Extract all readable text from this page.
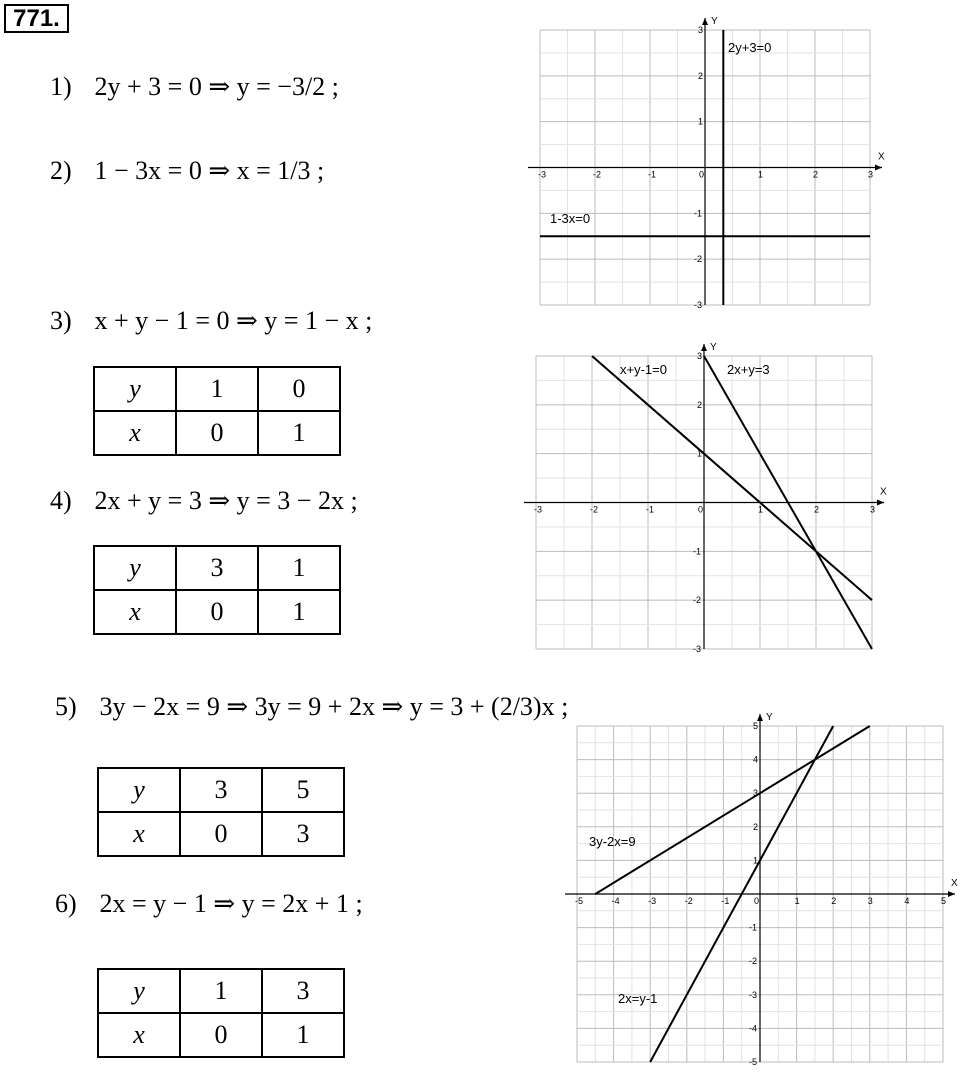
771.
1) 2y + 3 = 0 ⇒ y = −3/2 ;
2) 1 − 3x = 0 ⇒ x = 1/3 ;
3) x + y − 1 = 0 ⇒ y = 1 − x ;
y	1	0
x	0	1
4) 2x + y = 3 ⇒ y = 3 − 2x ;
y	3	1
x	0	1
5) 3y − 2x = 9 ⇒ 3y = 9 + 2x ⇒ y = 3 + (2/3)x ;
y	3	5
x	0	3
6) 2x = y − 1 ⇒ y = 2x + 1 ;
y	1	3
x	0	1
X
Y
-3	-2	-1	0	1	2	3
-3
-2
-1
1
2
3
2y+3=0
1-3x=0
X
Y
-3	-2	-1	0	1	2	3
-3
-2
-1
1
2
3
x+y-1=0	2x+y=3
X
Y
-5	-4	-3	-2	-1	0	1	2	3	4	5
-5
-4
-3
-2
-1
1
2
3
4
5
3y-2x=9
2x=y-1
